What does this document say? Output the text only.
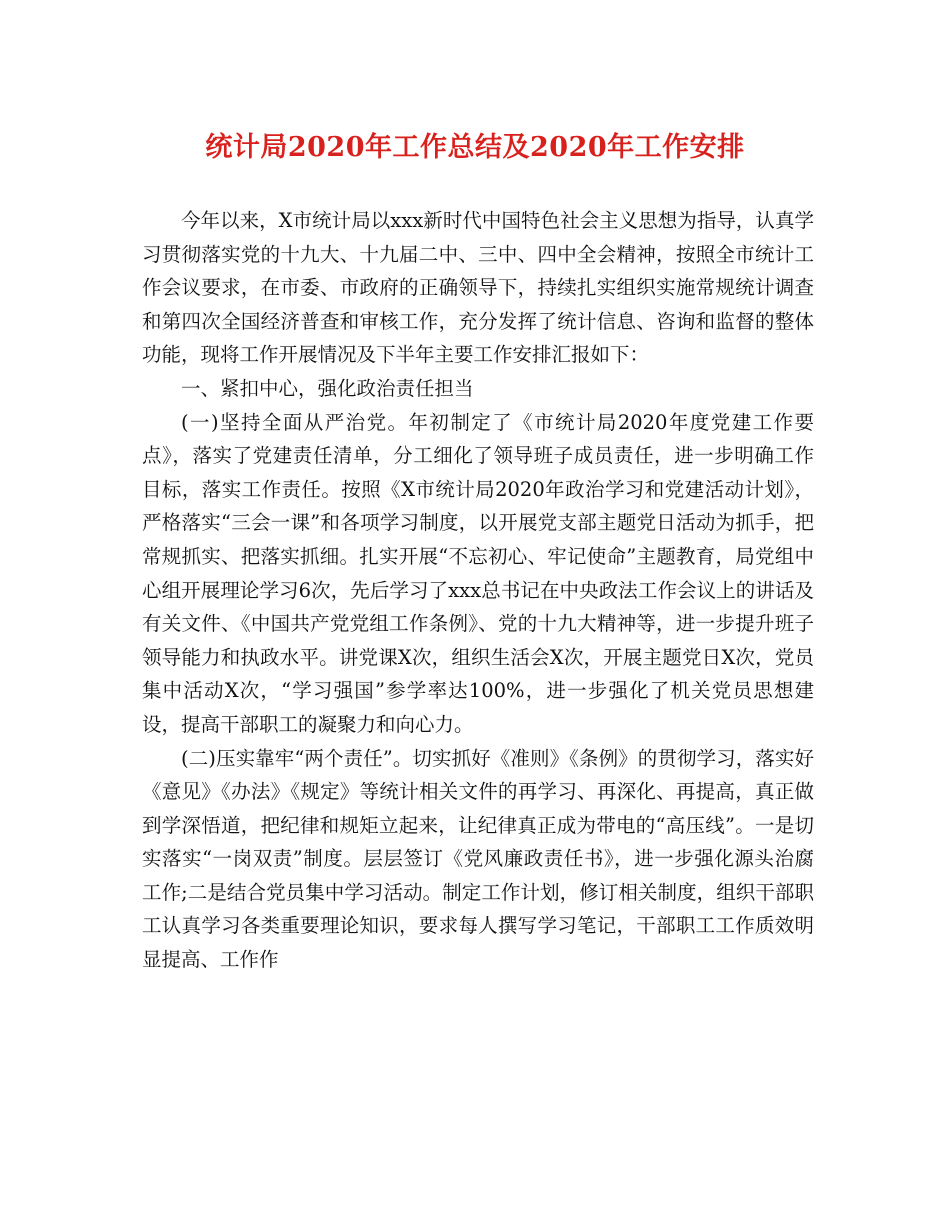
统计局2020年工作总结及2020年工作安排

今年以来，X市统计局以xxx新时代中国特色社会主义思想为指导，认真学习贯彻落实党的十九大、十九届二中、三中、四中全会精神，按照全市统计工作会议要求，在市委、市政府的正确领导下，持续扎实组织实施常规统计调查和第四次全国经济普查和审核工作，充分发挥了统计信息、咨询和监督的整体功能，现将工作开展情况及下半年主要工作安排汇报如下：

一、紧扣中心，强化政治责任担当

(一)坚持全面从严治党。年初制定了《市统计局2020年度党建工作要点》，落实了党建责任清单，分工细化了领导班子成员责任，进一步明确工作目标，落实工作责任。按照《X市统计局2020年政治学习和党建活动计划》，严格落实“三会一课”和各项学习制度，以开展党支部主题党日活动为抓手，把常规抓实、把落实抓细。扎实开展“不忘初心、牢记使命”主题教育，局党组中心组开展理论学习6次，先后学习了xxx总书记在中央政法工作会议上的讲话及有关文件、《中国共产党党组工作条例》、党的十九大精神等，进一步提升班子领导能力和执政水平。讲党课X次，组织生活会X次，开展主题党日X次，党员集中活动X次，“学习强国”参学率达100%，进一步强化了机关党员思想建设，提高干部职工的凝聚力和向心力。

(二)压实靠牢“两个责任”。切实抓好《准则》《条例》的贯彻学习，落实好《意见》《办法》《规定》等统计相关文件的再学习、再深化、再提高，真正做到学深悟道，把纪律和规矩立起来，让纪律真正成为带电的“高压线”。一是切实落实“一岗双责”制度。层层签订《党风廉政责任书》，进一步强化源头治腐工作;二是结合党员集中学习活动。制定工作计划，修订相关制度，组织干部职工认真学习各类重要理论知识，要求每人撰写学习笔记，干部职工工作质效明显提高、工作作
